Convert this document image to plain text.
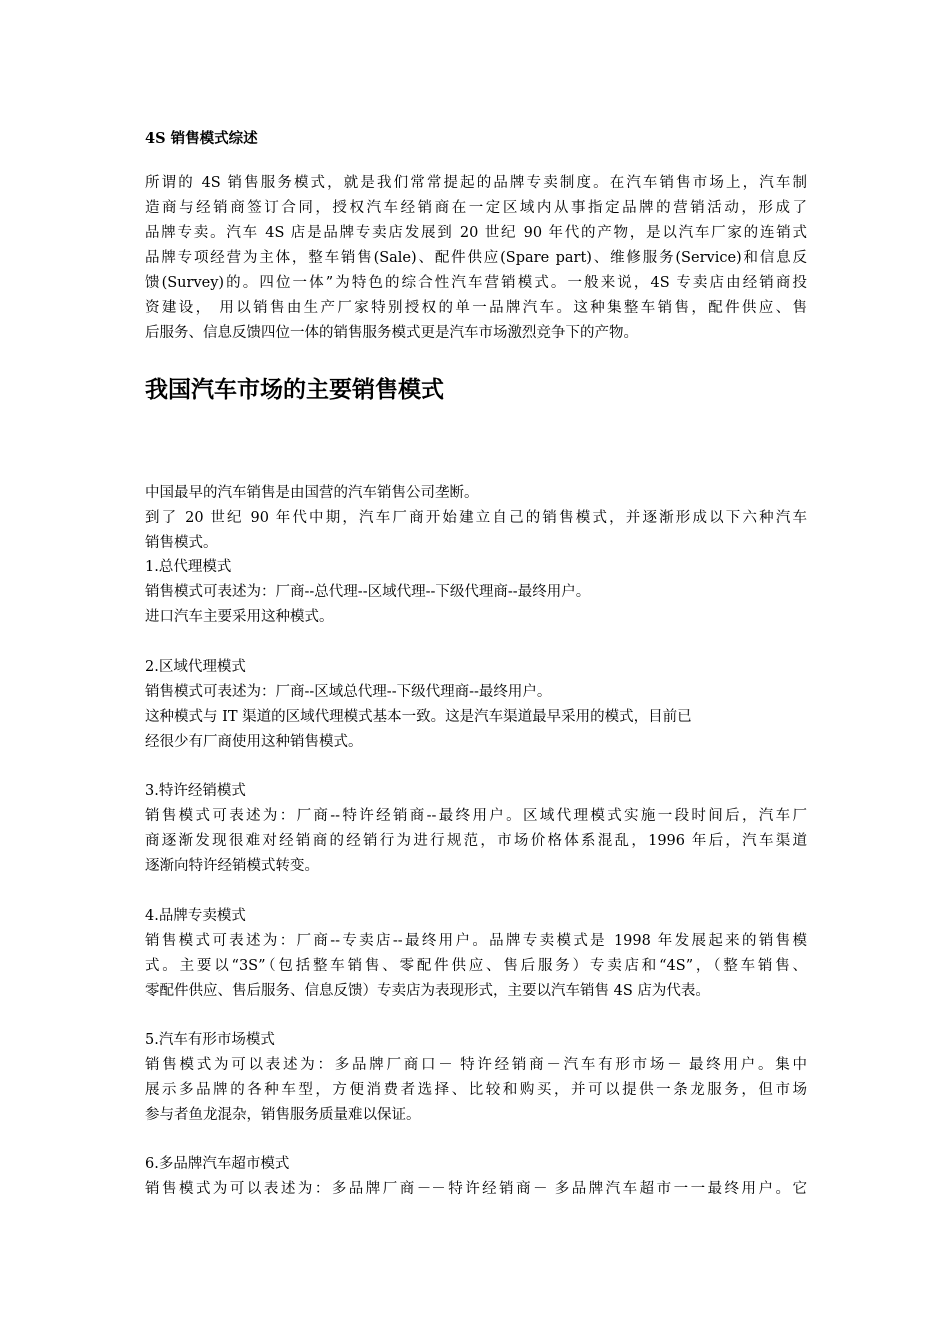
4S 销售模式综述
所谓的 4S 销售服务模式，就是我们常常提起的品牌专卖制度。在汽车销售市场上，汽车制
造商与经销商签订合同，授权汽车经销商在一定区域内从事指定品牌的营销活动，形成了
品牌专卖。汽车 4S 店是品牌专卖店发展到 20 世纪 90 年代的产物，是以汽车厂家的连销式
品牌专项经营为主体，整车销售(Sale)、配件供应(Spare part)、维修服务(Service)和信息反
馈(Survey)的。四位一体”为特色的综合性汽车营销模式。一般来说，4S 专卖店由经销商投
资建设， 用以销售由生产厂家特别授权的单一品牌汽车。这种集整车销售，配件供应、售
后服务、信息反馈四位一体的销售服务模式更是汽车市场激烈竞争下的产物。
我国汽车市场的主要销售模式
中国最早的汽车销售是由国营的汽车销售公司垄断。
到了 20 世纪 90 年代中期，汽车厂商开始建立自己的销售模式，并逐渐形成以下六种汽车
销售模式。
1.总代理模式
销售模式可表述为：厂商--总代理--区域代理--下级代理商--最终用户。
进口汽车主要采用这种模式。
2.区域代理模式
销售模式可表述为：厂商--区域总代理--下级代理商--最终用户。
这种模式与 IT 渠道的区域代理模式基本一致。这是汽车渠道最早采用的模式，目前已
经很少有厂商使用这种销售模式。
3.特许经销模式
销售模式可表述为：厂商--特许经销商--最终用户。区域代理模式实施一段时间后，汽车厂
商逐渐发现很难对经销商的经销行为进行规范，市场价格体系混乱，1996 年后，汽车渠道
逐渐向特许经销模式转变。
4.品牌专卖模式
销售模式可表述为：厂商--专卖店--最终用户。品牌专卖模式是 1998 年发展起来的销售模
式。主要以“3S”（包括整车销售、零配件供应、售后服务）专卖店和“4S”，（整车销售、
零配件供应、售后服务、信息反馈）专卖店为表现形式，主要以汽车销售 4S 店为代表。
5.汽车有形市场模式
销售模式为可以表述为：多品牌厂商口－ 特许经销商－汽车有形市场－ 最终用户。集中
展示多品牌的各种车型，方便消费者选择、比较和购买，并可以提供一条龙服务，但市场
参与者鱼龙混杂，销售服务质量难以保证。
6.多品牌汽车超市模式
销售模式为可以表述为：多品牌厂商－－特许经销商－ 多品牌汽车超市一一最终用户。它
